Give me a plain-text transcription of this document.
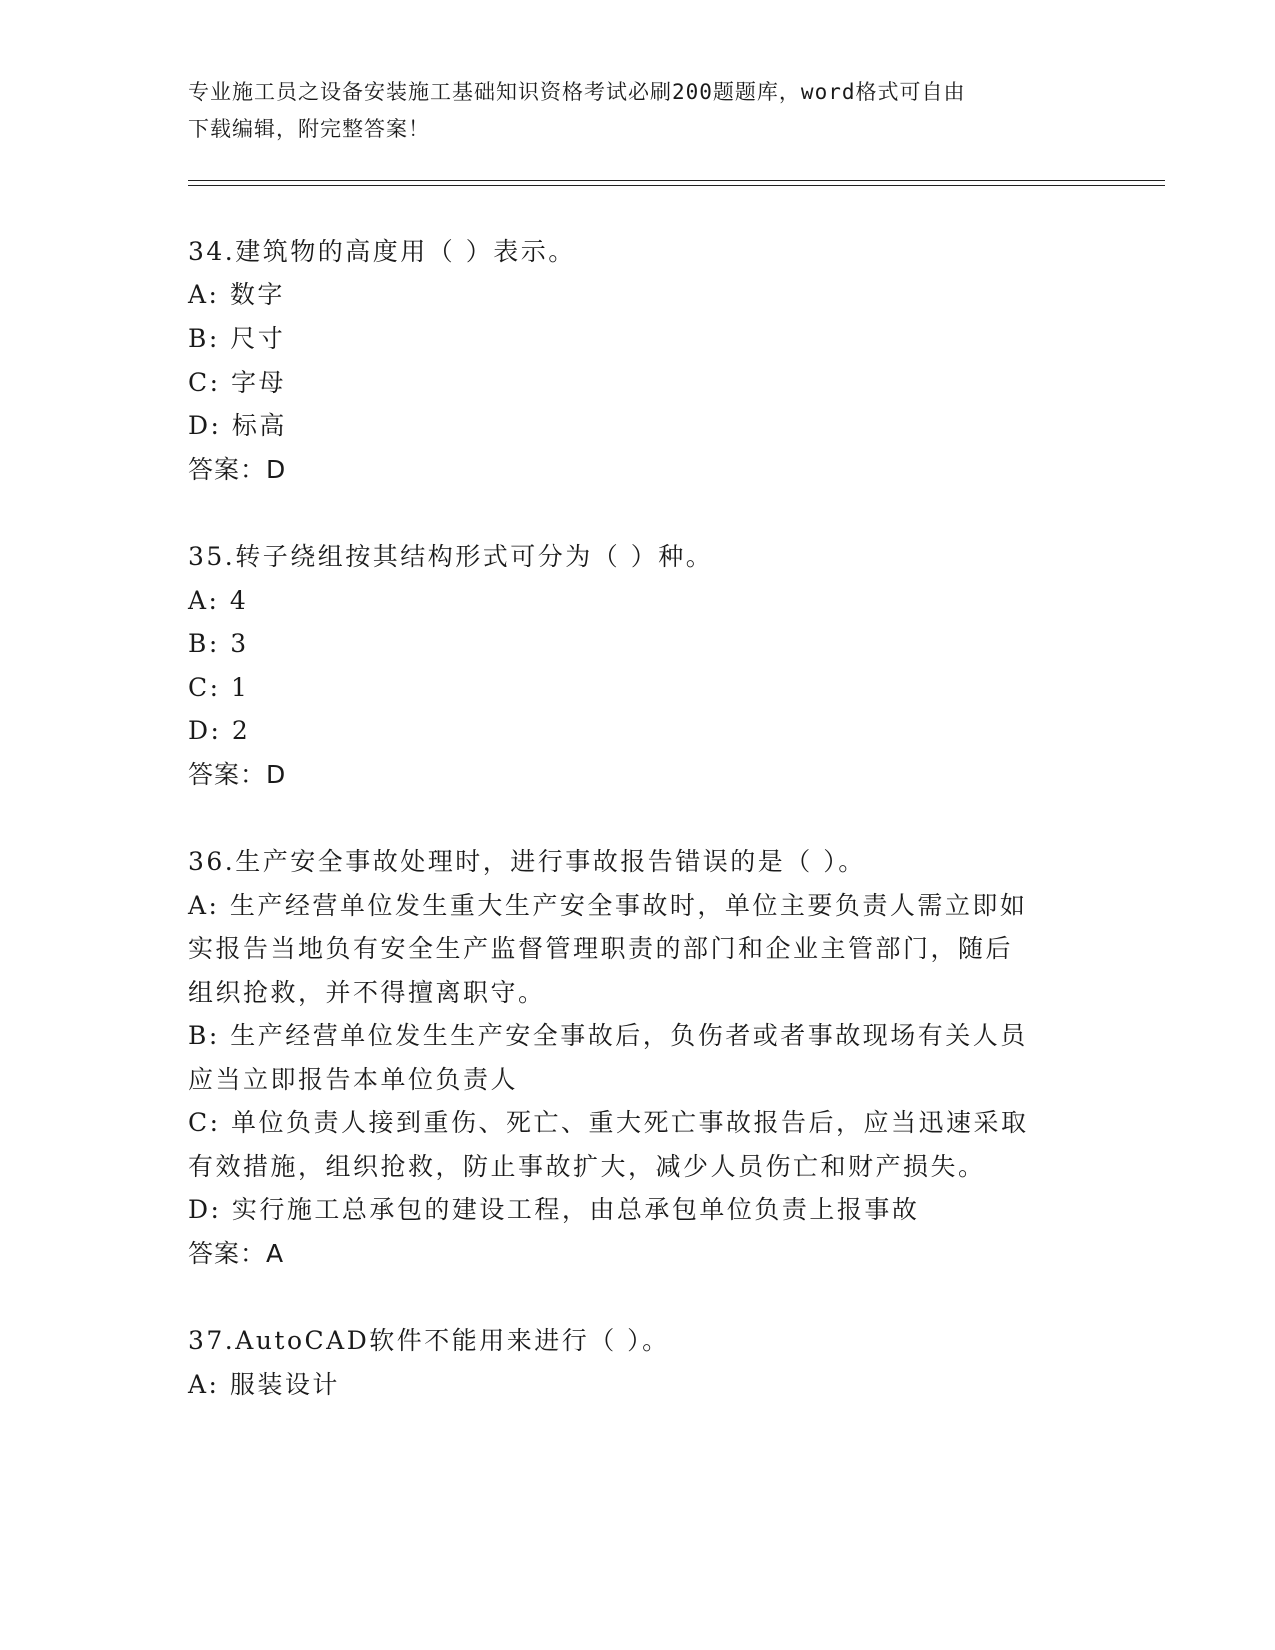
专业施工员之设备安装施工基础知识资格考试必刷200题题库，word格式可自由
下载编辑，附完整答案！
34.建筑物的高度用（ ）表示。
A: 数字
B: 尺寸
C: 字母
D: 标高
答案：D
35.转子绕组按其结构形式可分为（ ）种。
A: 4
B: 3
C: 1
D: 2
答案：D
36.生产安全事故处理时，进行事故报告错误的是（ ）。
A: 生产经营单位发生重大生产安全事故时，单位主要负责人需立即如
实报告当地负有安全生产监督管理职责的部门和企业主管部门，随后
组织抢救，并不得擅离职守。
B: 生产经营单位发生生产安全事故后，负伤者或者事故现场有关人员
应当立即报告本单位负责人
C: 单位负责人接到重伤、死亡、重大死亡事故报告后，应当迅速采取
有效措施，组织抢救，防止事故扩大，减少人员伤亡和财产损失。
D: 实行施工总承包的建设工程，由总承包单位负责上报事故
答案：A
37.AutoCAD软件不能用来进行（ ）。
A: 服装设计
